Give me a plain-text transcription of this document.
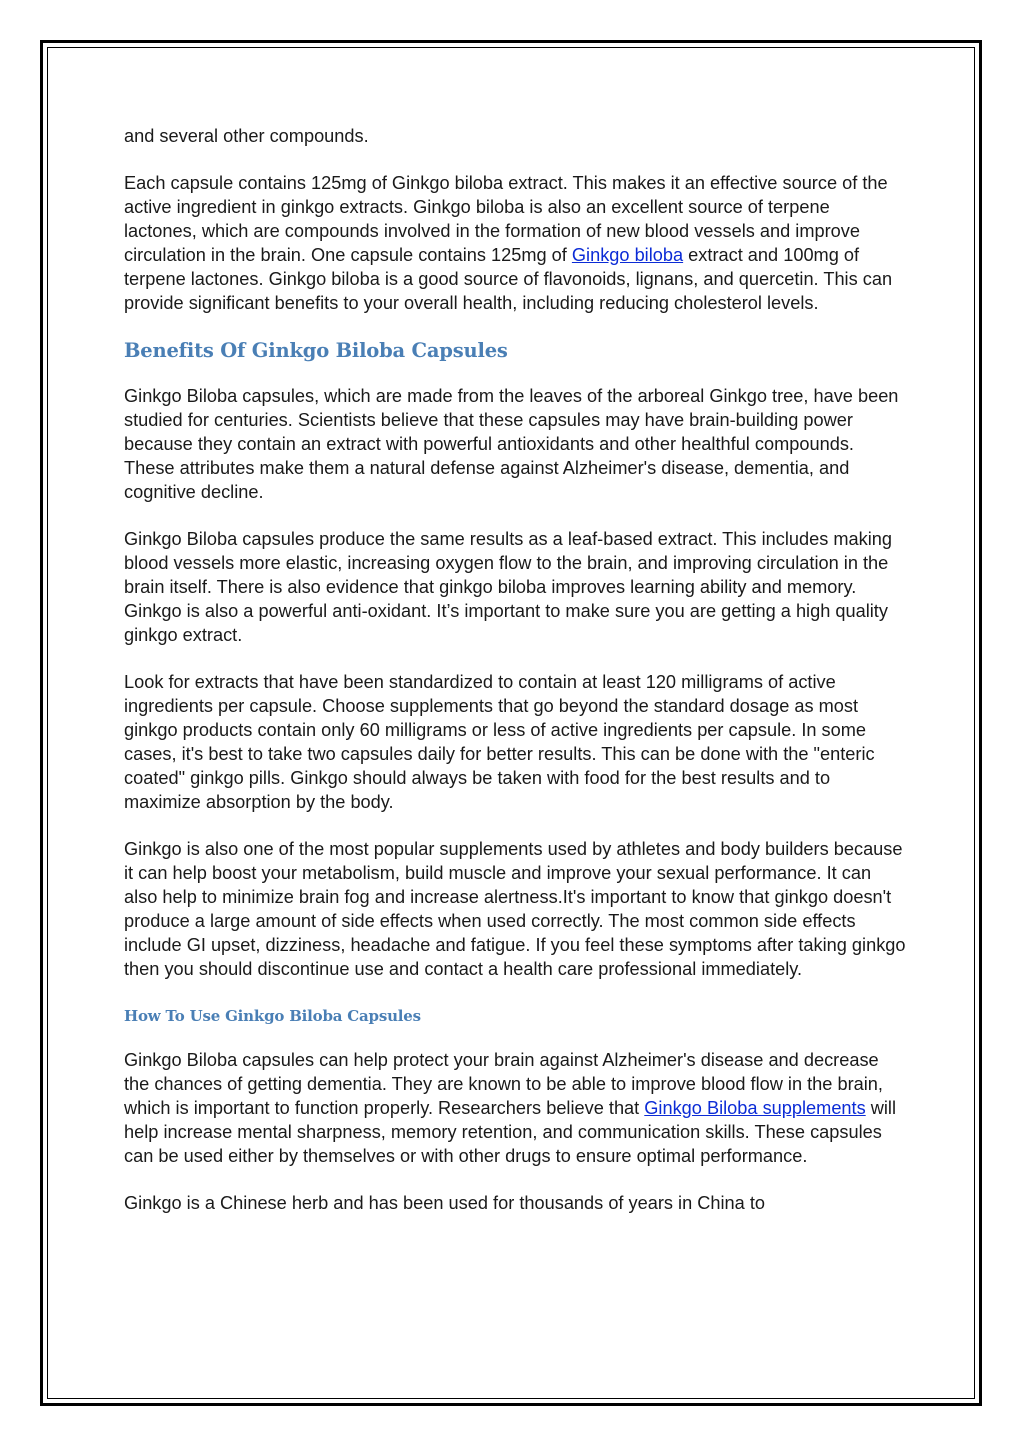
and several other compounds.

Each capsule contains 125mg of Ginkgo biloba extract. This makes it an effective source of the active ingredient in ginkgo extracts. Ginkgo biloba is also an excellent source of terpene lactones, which are compounds involved in the formation of new blood vessels and improve circulation in the brain. One capsule contains 125mg of Ginkgo biloba extract and 100mg of terpene lactones. Ginkgo biloba is a good source of flavonoids, lignans, and quercetin. This can provide significant benefits to your overall health, including reducing cholesterol levels.

Benefits Of Ginkgo Biloba Capsules

Ginkgo Biloba capsules, which are made from the leaves of the arboreal Ginkgo tree, have been studied for centuries. Scientists believe that these capsules may have brain-building power because they contain an extract with powerful antioxidants and other healthful compounds. These attributes make them a natural defense against Alzheimer's disease, dementia, and cognitive decline.

Ginkgo Biloba capsules produce the same results as a leaf-based extract. This includes making blood vessels more elastic, increasing oxygen flow to the brain, and improving circulation in the brain itself. There is also evidence that ginkgo biloba improves learning ability and memory. Ginkgo is also a powerful anti-oxidant. It’s important to make sure you are getting a high quality ginkgo extract.

Look for extracts that have been standardized to contain at least 120 milligrams of active ingredients per capsule. Choose supplements that go beyond the standard dosage as most ginkgo products contain only 60 milligrams or less of active ingredients per capsule. In some cases, it's best to take two capsules daily for better results. This can be done with the "enteric coated" ginkgo pills. Ginkgo should always be taken with food for the best results and to maximize absorption by the body.

Ginkgo is also one of the most popular supplements used by athletes and body builders because it can help boost your metabolism, build muscle and improve your sexual performance. It can also help to minimize brain fog and increase alertness.It's important to know that ginkgo doesn't produce a large amount of side effects when used correctly. The most common side effects include GI upset, dizziness, headache and fatigue. If you feel these symptoms after taking ginkgo then you should discontinue use and contact a health care professional immediately.

How To Use Ginkgo Biloba Capsules

Ginkgo Biloba capsules can help protect your brain against Alzheimer's disease and decrease the chances of getting dementia. They are known to be able to improve blood flow in the brain, which is important to function properly. Researchers believe that Ginkgo Biloba supplements will help increase mental sharpness, memory retention, and communication skills. These capsules can be used either by themselves or with other drugs to ensure optimal performance.

Ginkgo is a Chinese herb and has been used for thousands of years in China to
